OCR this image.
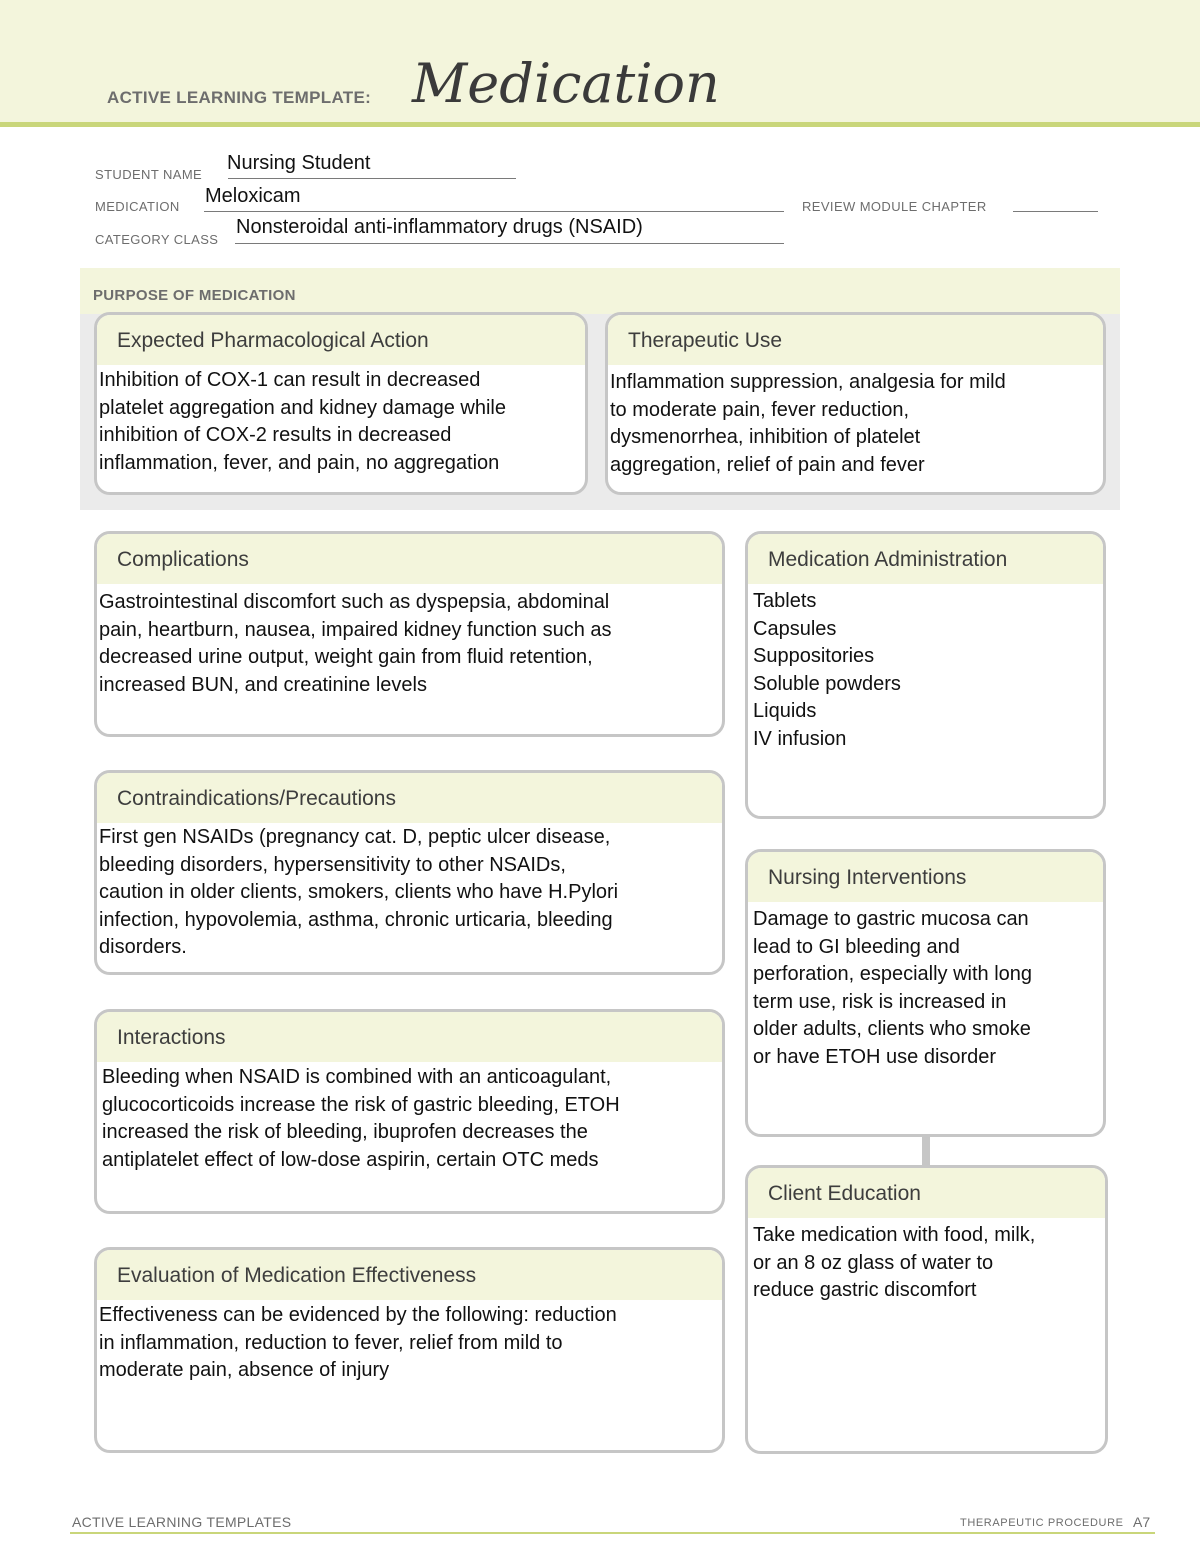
ACTIVE LEARNING TEMPLATE: Medication
STUDENT NAME
Nursing Student
MEDICATION Meloxicam	REVIEW MODULE CHAPTER
CATEGORY CLASS
Nonsteroidal anti-inflammatory drugs (NSAID)
PURPOSE OF MEDICATION
Expected Pharmacological Action
Inhibition of COX-1 can result in decreased
platelet aggregation and kidney damage while
inhibition of COX-2 results in decreased
inflammation, fever, and pain, no aggregation
Therapeutic Use
Inflammation suppression, analgesia for mild
to moderate pain, fever reduction,
dysmenorrhea, inhibition of platelet
aggregation, relief of pain and fever
Complications
Gastrointestinal discomfort such as dyspepsia, abdominal
pain, heartburn, nausea, impaired kidney function such as
decreased urine output, weight gain from fluid retention,
increased BUN, and creatinine levels
Medication Administration
Tablets
Capsules
Suppositories
Soluble powders
Liquids
IV infusion
Contraindications/Precautions
First gen NSAIDs (pregnancy cat. D, peptic ulcer disease,
bleeding disorders, hypersensitivity to other NSAIDs,
caution in older clients, smokers, clients who have H.Pylori
infection, hypovolemia, asthma, chronic urticaria, bleeding
disorders.
Nursing Interventions
Damage to gastric mucosa can
lead to GI bleeding and
perforation, especially with long
term use, risk is increased in
older adults, clients who smoke
or have ETOH use disorder
Interactions
Bleeding when NSAID is combined with an anticoagulant,
glucocorticoids increase the risk of gastric bleeding, ETOH
increased the risk of bleeding, ibuprofen decreases the
antiplatelet effect of low-dose aspirin, certain OTC meds
Client Education
Take medication with food, milk,
or an 8 oz glass of water to
reduce gastric discomfort
Evaluation of Medication Effectiveness
Effectiveness can be evidenced by the following: reduction
in inflammation, reduction to fever, relief from mild to
moderate pain, absence of injury
ACTIVE LEARNING TEMPLATES	THERAPEUTIC PROCEDURE A7
